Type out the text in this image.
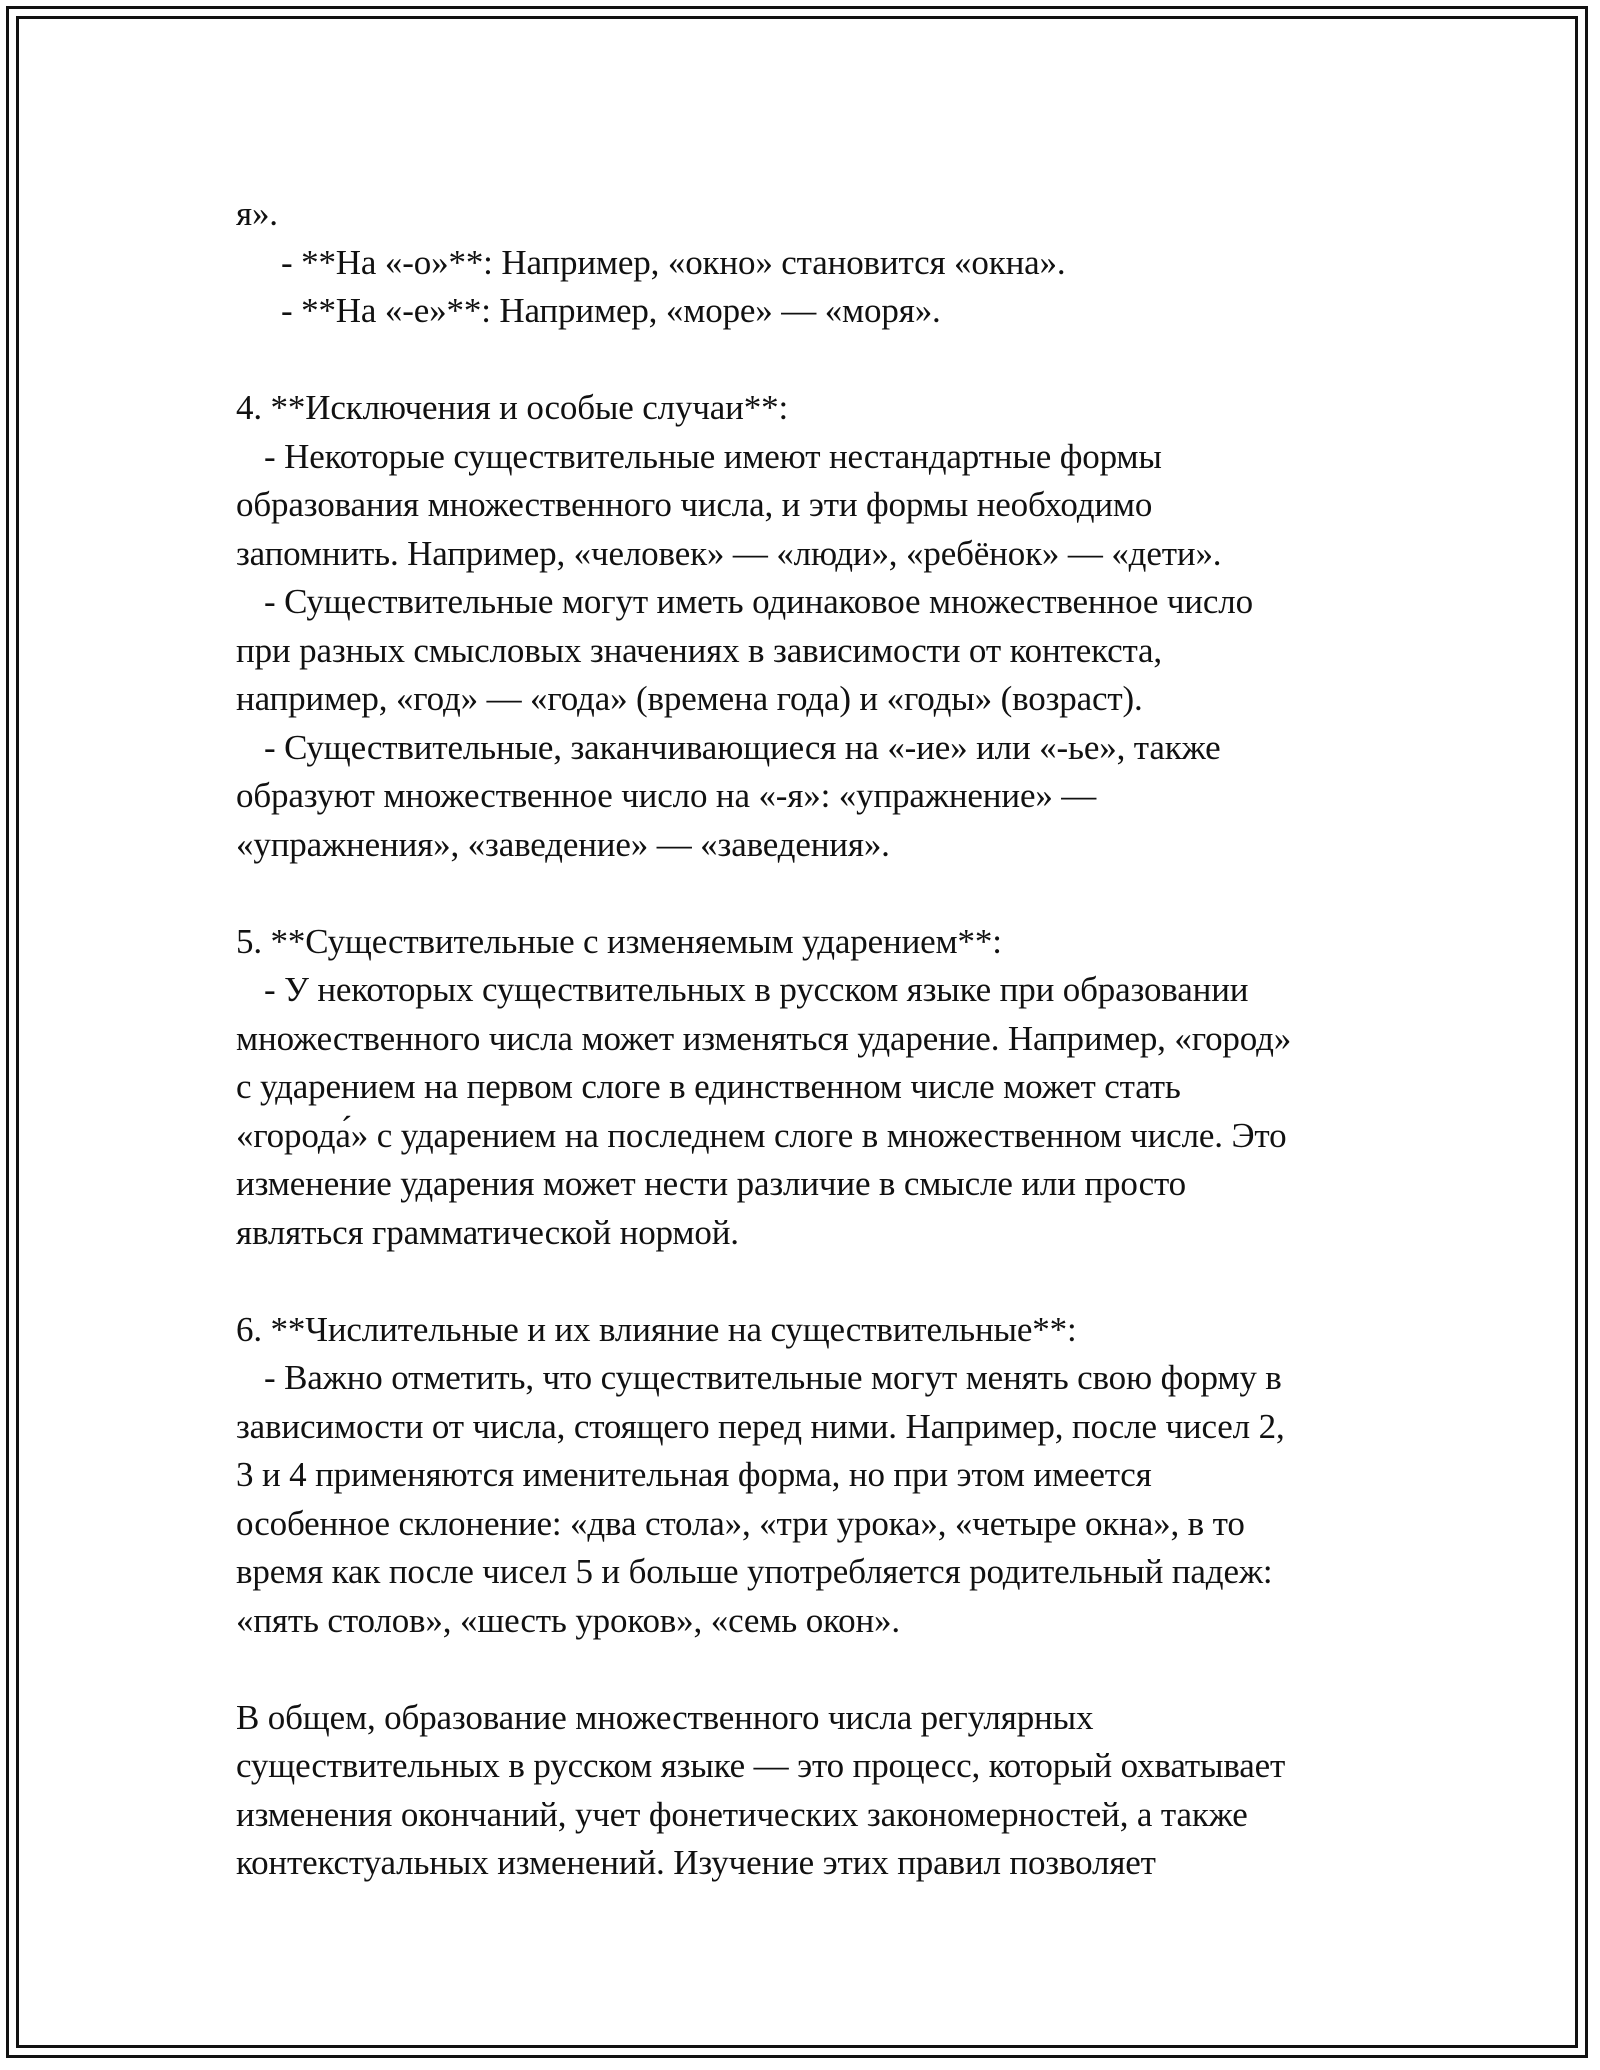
я».
- **На «-о»**: Например, «окно» становится «окна».
- **На «-е»**: Например, «море» — «моря».
4. **Исключения и особые случаи**:
- Некоторые существительные имеют нестандартные формы
образования множественного числа, и эти формы необходимо
запомнить. Например, «человек» — «люди», «ребёнок» — «дети».
- Существительные могут иметь одинаковое множественное число
при разных смысловых значениях в зависимости от контекста,
например, «год» — «года» (времена года) и «годы» (возраст).
- Существительные, заканчивающиеся на «-ие» или «-ье», также
образуют множественное число на «-я»: «упражнение» —
«упражнения», «заведение» — «заведения».
5. **Существительные с изменяемым ударением**:
- У некоторых существительных в русском языке при образовании
множественного числа может изменяться ударение. Например, «город»
с ударением на первом слоге в единственном числе может стать
«города́» с ударением на последнем слоге в множественном числе. Это
изменение ударения может нести различие в смысле или просто
являться грамматической нормой.
6. **Числительные и их влияние на существительные**:
- Важно отметить, что существительные могут менять свою форму в
зависимости от числа, стоящего перед ними. Например, после чисел 2,
3 и 4 применяются именительная форма, но при этом имеется
особенное склонение: «два стола», «три урока», «четыре окна», в то
время как после чисел 5 и больше употребляется родительный падеж:
«пять столов», «шесть уроков», «семь окон».
В общем, образование множественного числа регулярных
существительных в русском языке — это процесс, который охватывает
изменения окончаний, учет фонетических закономерностей, а также
контекстуальных изменений. Изучение этих правил позволяет
